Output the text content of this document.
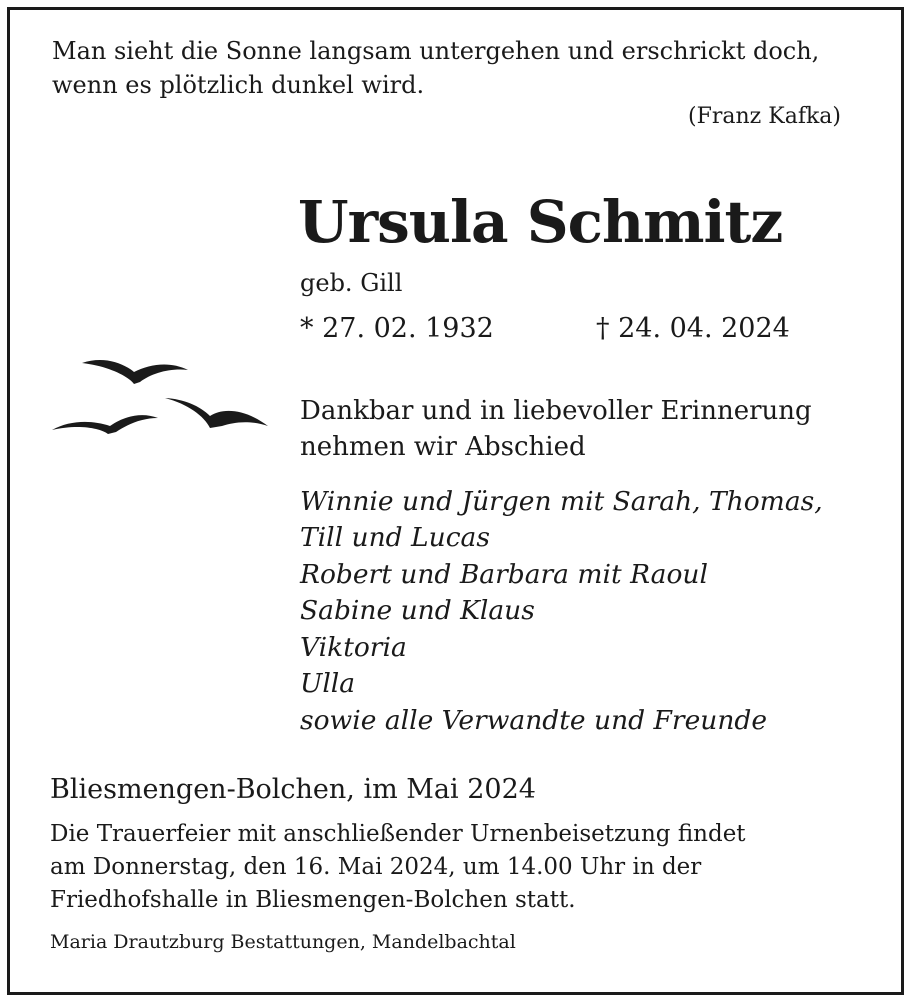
Man sieht die Sonne langsam untergehen und erschrickt doch,
wenn es plötzlich dunkel wird.
(Franz Kafka)
Ursula Schmitz
geb. Gill
* 27. 02. 1932	† 24. 04. 2024
Dankbar und in liebevoller Erinnerung
nehmen wir Abschied
Winnie und Jürgen mit Sarah, Thomas,
Till und Lucas
Robert und Barbara mit Raoul
Sabine und Klaus
Viktoria
Ulla
sowie alle Verwandte und Freunde
Bliesmengen-Bolchen, im Mai 2024
Die Trauerfeier mit anschließender Urnenbeisetzung findet
am Donnerstag, den 16. Mai 2024, um 14.00 Uhr in der
Friedhofshalle in Bliesmengen-Bolchen statt.
Maria Drautzburg Bestattungen, Mandelbachtal
